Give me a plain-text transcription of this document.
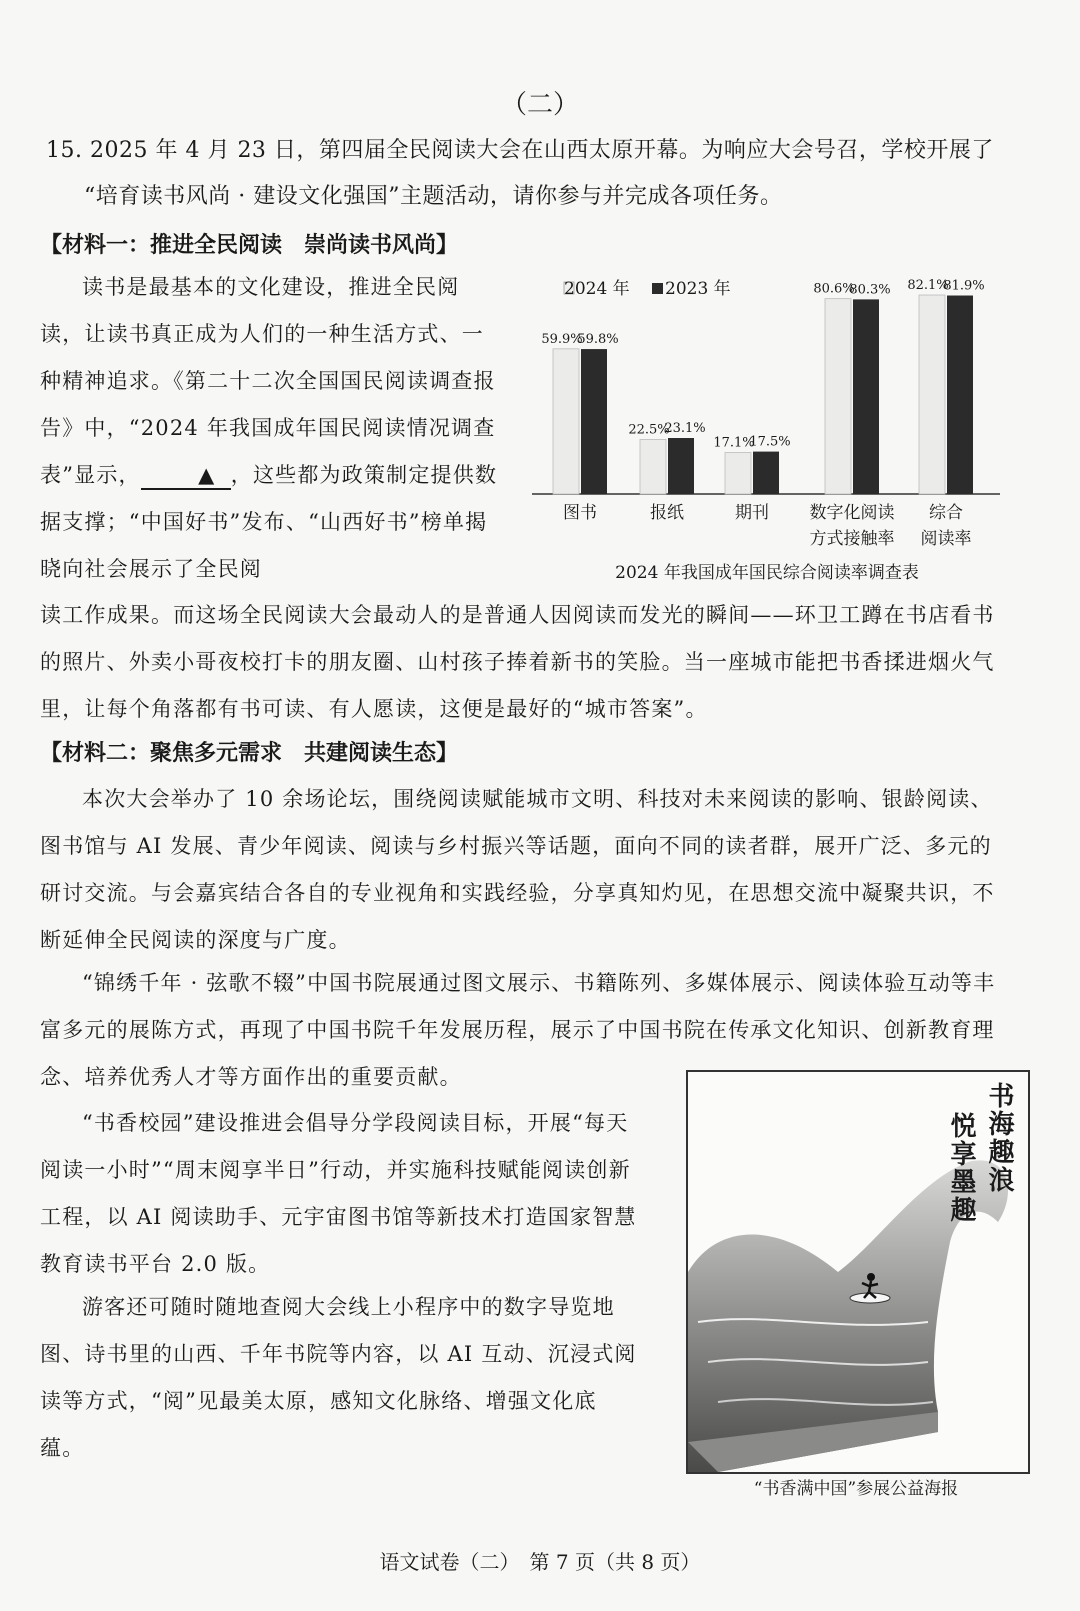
（二）
15. 2025 年 4 月 23 日，第四届全民阅读大会在山西太原开幕。为响应大会号召，学校开展了
“培育读书风尚 · 建设文化强国”主题活动，请你参与并完成各项任务。
【材料一：推进全民阅读　崇尚读书风尚】
读书是最基本的文化建设，推进全民阅读，让读书真正成为人们的一种生活方式、一种精神追求。《第二十二次全国国民阅读调查报告》中，“2024 年我国成年国民阅读情况调查表”显示，	▲ ，这些都为政策制定提供数据支撑；“中国好书”发布、“山西好书”榜单揭晓向社会展示了全民阅
读工作成果。而这场全民阅读大会最动人的是普通人因阅读而发光的瞬间——环卫工蹲在书店看书的照片、外卖小哥夜校打卡的朋友圈、山村孩子捧着新书的笑脸。当一座城市能把书香揉进烟火气里，让每个角落都有书可读、有人愿读，这便是最好的“城市答案”。
2024 年 2023 年
59.9%
59.8%
图书
22.5%
23.1%
报纸
17.1%
17.5%
期刊
80.6%
80.3%
数字化阅读
方式接触率
82.1%
81.9%
综合
阅读率
2024 年我国成年国民综合阅读率调查表
【材料二：聚焦多元需求　共建阅读生态】
本次大会举办了 10 余场论坛，围绕阅读赋能城市文明、科技对未来阅读的影响、银龄阅读、图书馆与 AI 发展、青少年阅读、阅读与乡村振兴等话题，面向不同的读者群，展开广泛、多元的研讨交流。与会嘉宾结合各自的专业视角和实践经验，分享真知灼见，在思想交流中凝聚共识，不断延伸全民阅读的深度与广度。
“锦绣千年 · 弦歌不辍”中国书院展通过图文展示、书籍陈列、多媒体展示、阅读体验互动等丰富多元的展陈方式，再现了中国书院千年发展历程，展示了中国书院在传承文化知识、创新教育理念、培养优秀人才等方面作出的重要贡献。
“书香校园”建设推进会倡导分学段阅读目标，开展“每天阅读一小时”“周末阅享半日”行动，并实施科技赋能阅读创新工程，以 AI 阅读助手、元宇宙图书馆等新技术打造国家智慧教育读书平台 2.0 版。
游客还可随时随地查阅大会线上小程序中的数字导览地图、诗书里的山西、千年书院等内容，以 AI 互动、沉浸式阅读等方式，“阅”见最美太原，感知文化脉络、增强文化底蕴。
书海趣浪
悦享墨趣
“书香满中国”参展公益海报
语文试卷（二）　第 7 页（共 8 页）
